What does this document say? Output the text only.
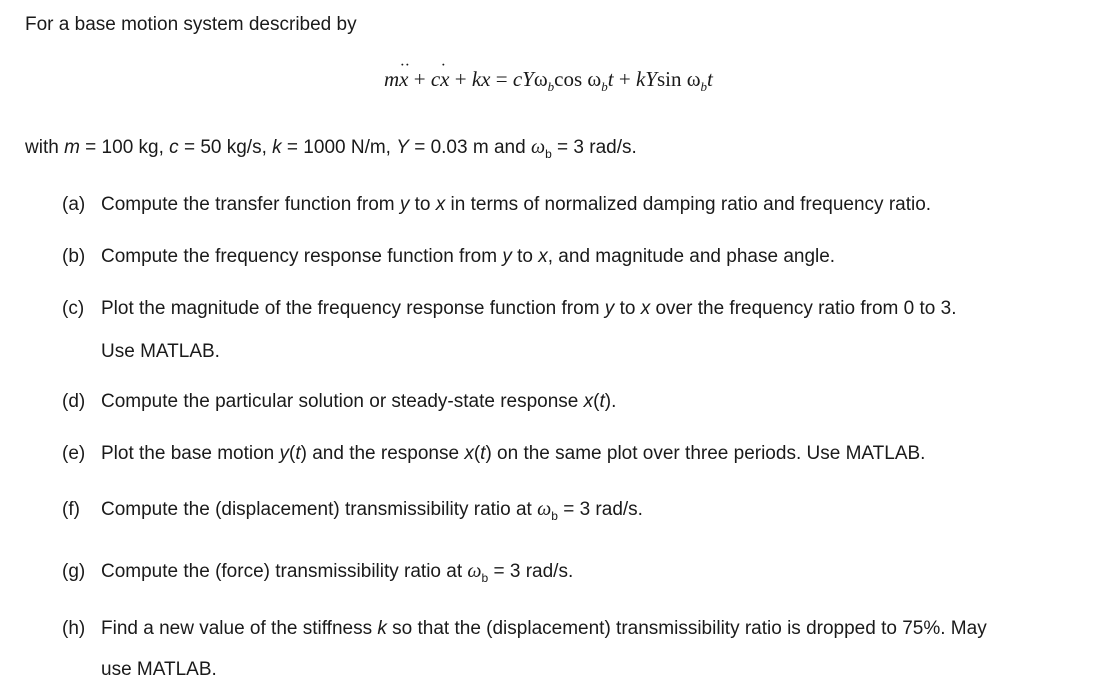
For a base motion system described by
m·· x + c· x + kx = cYω$_b$cos $\omega_bt + kYsin$ $\omega_bt$
with m = 100 kg, c = 50 kg/s, k = 1000 N/m, Y = 0.03 m and $\omega_b = 3$ rad/s.
(a) Compute the transfer function from y to x in terms of normalized damping ratio and frequency ratio.
(b) Compute the frequency response function from y to x, and magnitude and phase angle.
(c) Plot the magnitude of the frequency response function from y to x over the frequency ratio from 0 to 3.
Use MATLAB.
(d) Compute the particular solution or steady-state response x(t).
(e) Plot the base motion y(t) and the response x(t) on the same plot over three periods. Use MATLAB.
(f) Compute the (displacement) transmissibility ratio at $\omega_b = 3$ rad/s.
(g) Compute the (force) transmissibility ratio at $\omega_b = 3$ rad/s.
(h) Find a new value of the stiffness k so that the (displacement) transmissibility ratio is dropped to 75%. May
use MATLAB.
